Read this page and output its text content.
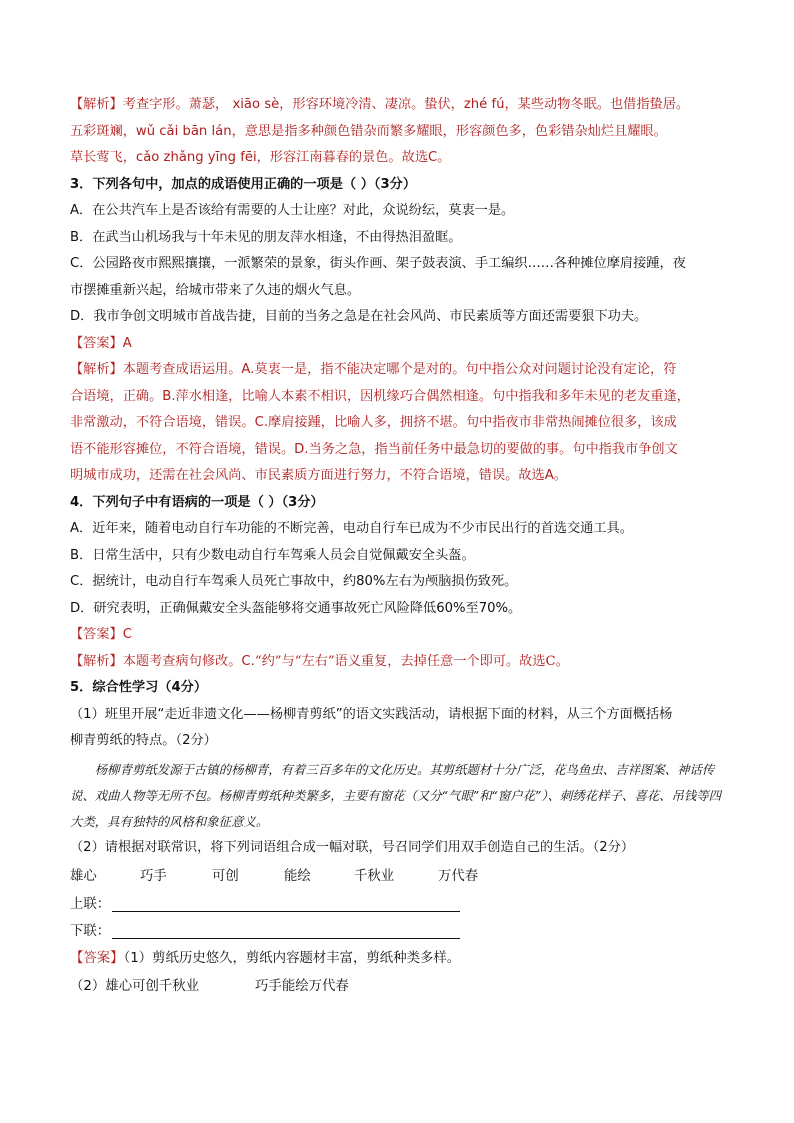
【解析】考查字形。萧瑟， xiāo sè，形容环境冷清、凄凉。蛰伏，zhé fú，某些动物冬眠。也借指蛰居。
五彩斑斓，wǔ cǎi bān lán，意思是指多种颜色错杂而繁多耀眼，形容颜色多，色彩错杂灿烂且耀眼。
草长莺飞，cǎo zhǎng yīng fēi，形容江南暮春的景色。故选C。
3．下列各句中，加点的成语使用正确的一项是（ ）（3分）
A．在公共汽车上是否该给有需要的人士让座？对此，众说纷纭，莫衷一是。
B．在武当山机场我与十年未见的朋友萍水相逢，不由得热泪盈眶。
C．公园路夜市熙熙攘攘，一派繁荣的景象，街头作画、架子鼓表演、手工编织……各种摊位摩肩接踵，夜
市摆摊重新兴起，给城市带来了久违的烟火气息。
D．我市争创文明城市首战告捷，目前的当务之急是在社会风尚、市民素质等方面还需要狠下功夫。
【答案】A
【解析】本题考查成语运用。A.莫衷一是，指不能决定哪个是对的。句中指公众对问题讨论没有定论，符
合语境，正确。B.萍水相逢，比喻人本素不相识，因机缘巧合偶然相逢。句中指我和多年未见的老友重逢，
非常激动，不符合语境，错误。C.摩肩接踵，比喻人多，拥挤不堪。句中指夜市非常热闹摊位很多，该成
语不能形容摊位，不符合语境，错误。D.当务之急，指当前任务中最急切的要做的事。句中指我市争创文
明城市成功，还需在社会风尚、市民素质方面进行努力，不符合语境，错误。故选A。
4．下列句子中有语病的一项是（ ）（3分）
A．近年来，随着电动自行车功能的不断完善，电动自行车已成为不少市民出行的首选交通工具。
B．日常生活中，只有少数电动自行车驾乘人员会自觉佩戴安全头盔。
C．据统计，电动自行车驾乘人员死亡事故中，约80%左右为颅脑损伤致死。
D．研究表明，正确佩戴安全头盔能够将交通事故死亡风险降低60%至70%。
【答案】C
【解析】本题考查病句修改。C.“约”与“左右”语义重复，去掉任意一个即可。故选C。
5．综合性学习（4分）
（1）班里开展“走近非遗文化——杨柳青剪纸”的语文实践活动，请根据下面的材料，从三个方面概括杨
柳青剪纸的特点。（2分）
杨柳青剪纸发源于古镇的杨柳青，有着三百多年的文化历史。其剪纸题材十分广泛，花鸟鱼虫、吉祥图案、神话传说、戏曲人物等无所不包。杨柳青剪纸种类繁多，主要有窗花（又分“气眼”和“窗户花”）、刺绣花样子、喜花、吊钱等四大类，具有独特的风格和象征意义。
（2）请根据对联常识，将下列词语组合成一幅对联，号召同学们用双手创造自己的生活。（2分）
雄心	巧手	可创	能绘	千秋业	万代春
上联：
下联：
【答案】（1）剪纸历史悠久，剪纸内容题材丰富，剪纸种类多样。
（2）雄心可创千秋业	巧手能绘万代春
